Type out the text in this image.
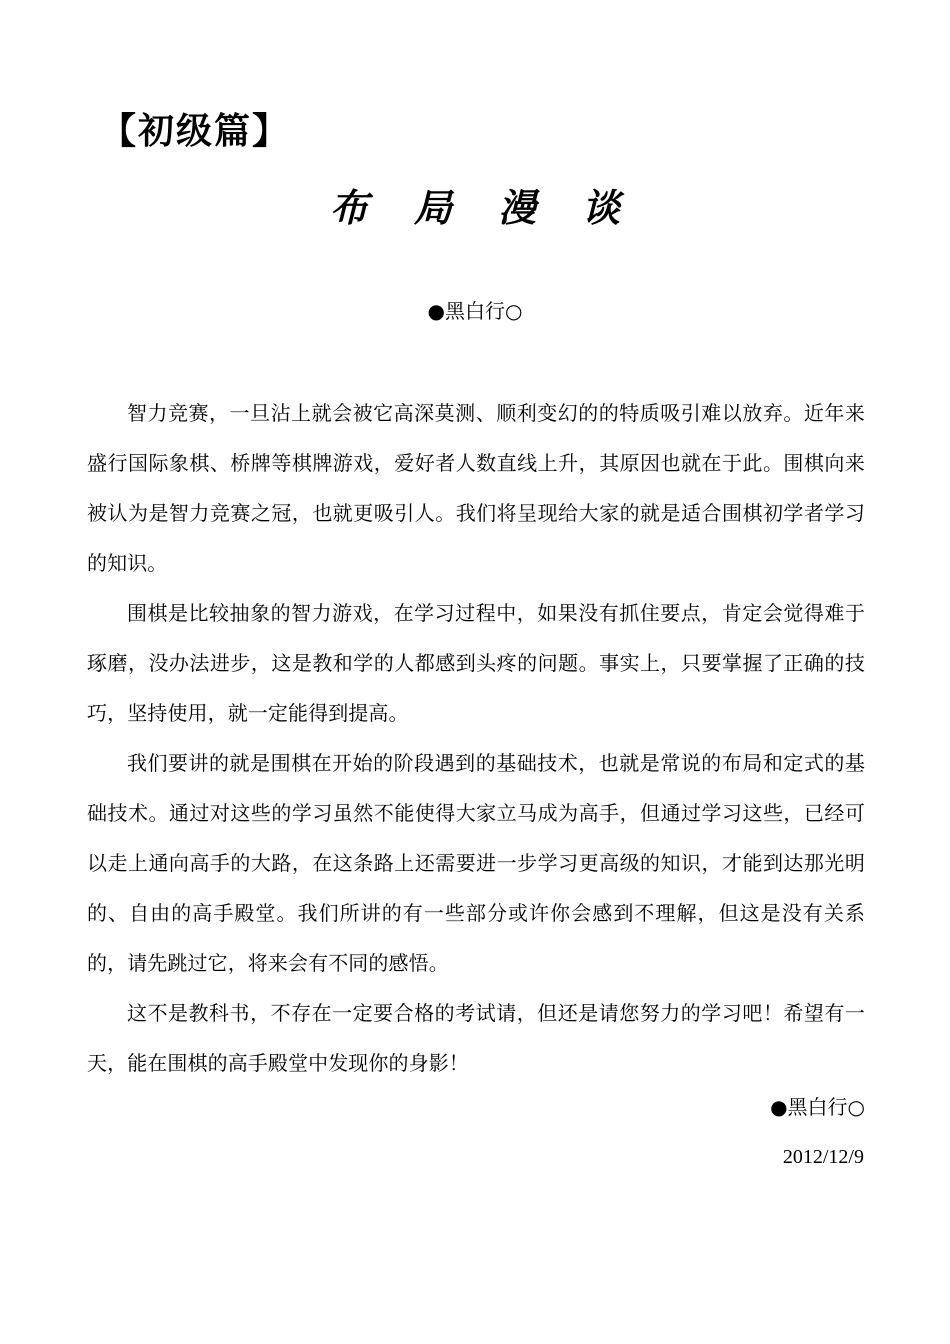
【初级篇】
布局漫谈
●黑白行○

智力竞赛，一旦沾上就会被它高深莫测、顺利变幻的的特质吸引难以放弃。近年来盛行国际象棋、桥牌等棋牌游戏，爱好者人数直线上升，其原因也就在于此。围棋向来被认为是智力竞赛之冠，也就更吸引人。我们将呈现给大家的就是适合围棋初学者学习的知识。

围棋是比较抽象的智力游戏，在学习过程中，如果没有抓住要点，肯定会觉得难于琢磨，没办法进步，这是教和学的人都感到头疼的问题。事实上，只要掌握了正确的技巧，坚持使用，就一定能得到提高。

我们要讲的就是围棋在开始的阶段遇到的基础技术，也就是常说的布局和定式的基础技术。通过对这些的学习虽然不能使得大家立马成为高手，但通过学习这些，已经可以走上通向高手的大路，在这条路上还需要进一步学习更高级的知识，才能到达那光明的、自由的高手殿堂。我们所讲的有一些部分或许你会感到不理解，但这是没有关系的，请先跳过它，将来会有不同的感悟。

这不是教科书，不存在一定要合格的考试请，但还是请您努力的学习吧！希望有一天，能在围棋的高手殿堂中发现你的身影！

●黑白行○
2012/12/9
